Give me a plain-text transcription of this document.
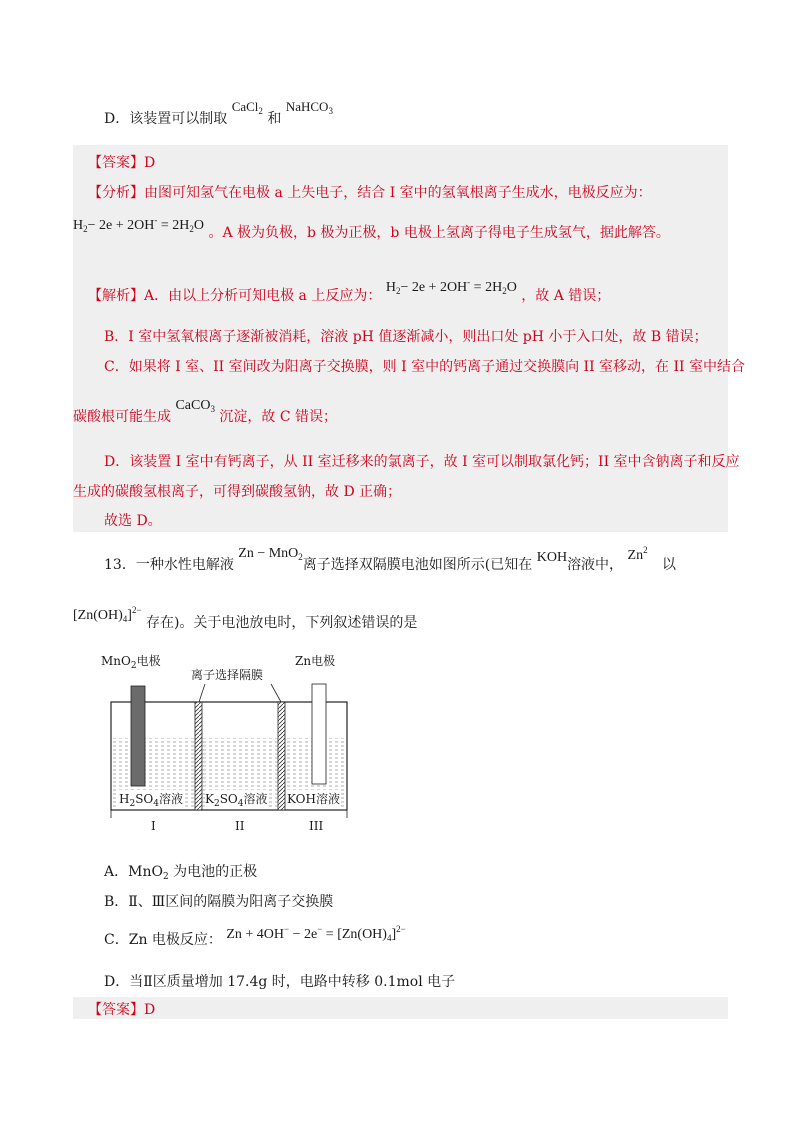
D．该装置可以制取 CaCl$_2$ 和 NaHCO$_3$
【答案】D
【分析】由图可知氢气在电极 a 上失电子，结合 I 室中的氢氧根离子生成水，电极反应为：
$H_2- 2e + 2OH^- = 2H_2O$ 。A 极为负极，b 极为正极，b 电极上氢离子得电子生成氢气，据此解答。
【解析】A．由以上分析可知电极 a 上反应为： $H_2- 2e + 2OH^- = 2H_2O$ ，故 A 错误；
B．I 室中氢氧根离子逐渐被消耗，溶液 pH 值逐渐减小，则出口处 pH 小于入口处，故 B 错误；
C．如果将 I 室、II 室间改为阳离子交换膜，则 I 室中的钙离子通过交换膜向 II 室移动，在 II 室中结合
碳酸根可能生成 CaCO$_3$ 沉淀，故 C 错误；
D．该装置 I 室中有钙离子，从 II 室迁移来的氯离子，故 I 室可以制取氯化钙；II 室中含钠离子和反应
生成的碳酸氢根离子，可得到碳酸氢钠，故 D 正确；
故选 D。
13．一种水性电解液 Zn − MnO$_2$离子选择双隔膜电池如图所示(已知在 KOH溶液中， Zn$^2$ 以
$[Zn(OH)_4]^{2-}$ 存在)。关于电池放电时，下列叙述错误的是
MnO$_2$电极
离子选择隔膜
Zn电极
$H_2SO_4$溶液 $K_2SO_4$溶液 KOH溶液
I	II	III
A．MnO$_2$ 为电池的正极
B．Ⅱ、Ⅲ区间的隔膜为阳离子交换膜
C．Zn 电极反应： $Zn + 4OH^- - 2e^- = [Zn(OH)_4]^{2-}$
D．当Ⅱ区质量增加 17.4g 时，电路中转移 0.1mol 电子
【答案】D
